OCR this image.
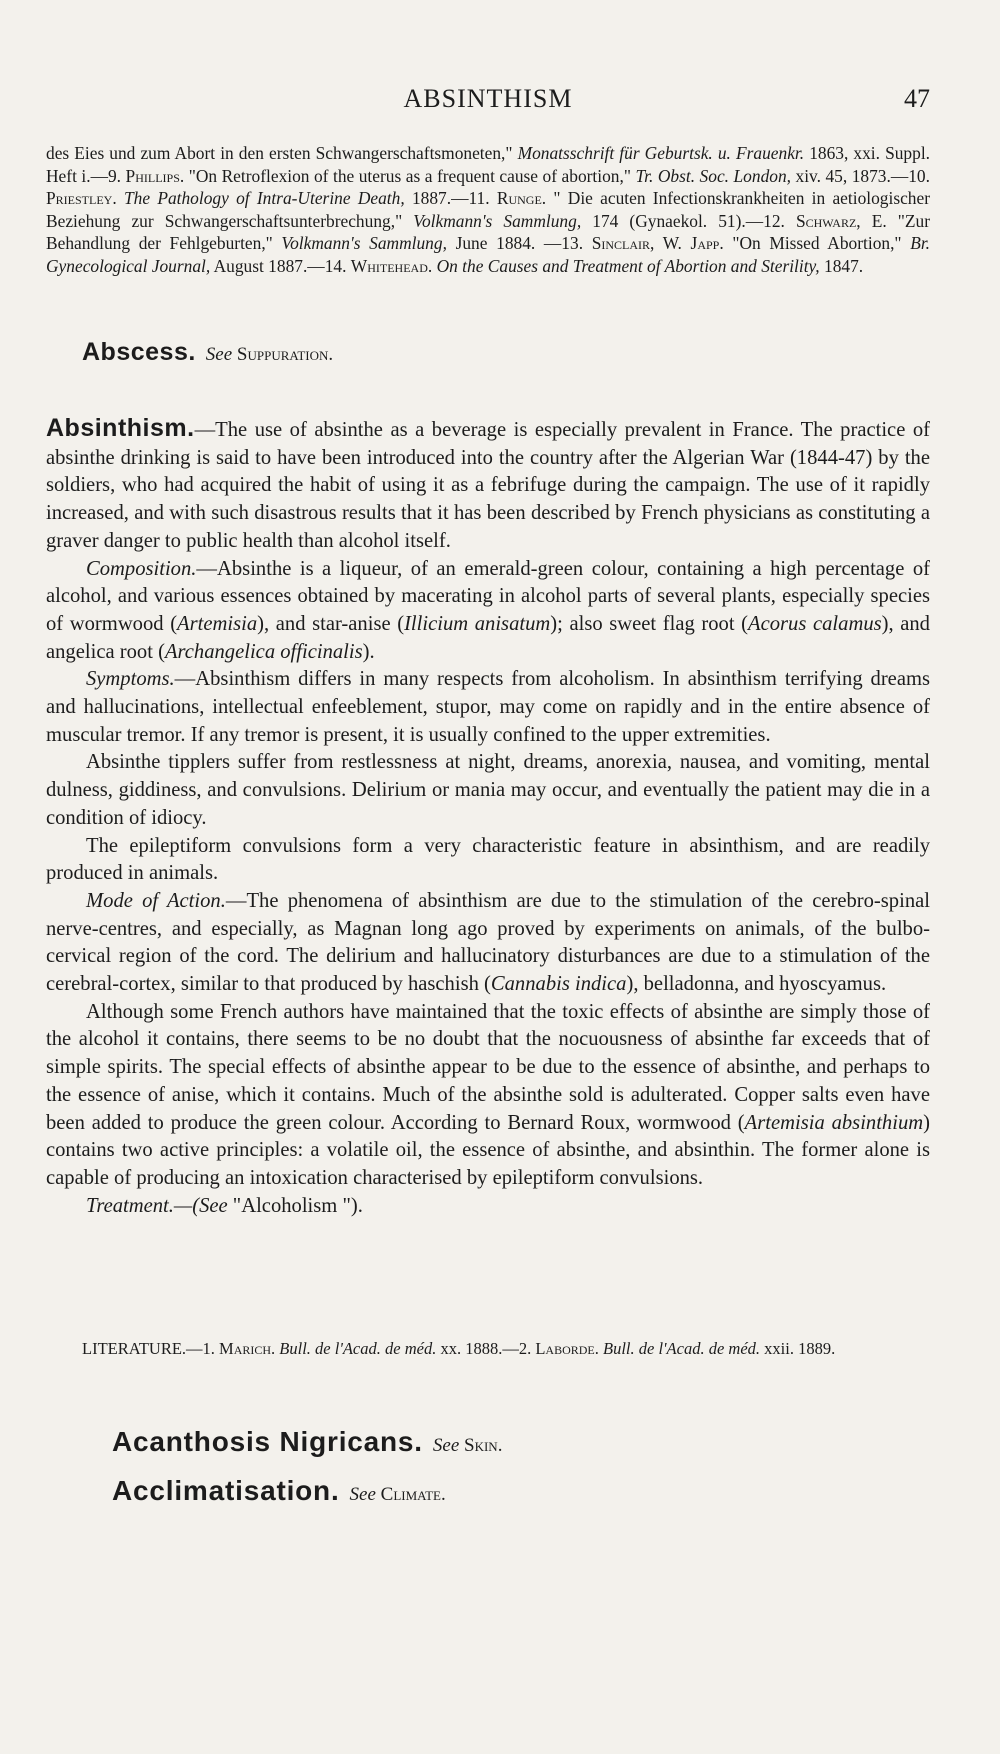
ABSINTHISM	47

des Eies und zum Abort in den ersten Schwangerschaftsmoneten," Monatsschrift für Geburtsk. u. Frauenkr. 1863, xxi. Suppl. Heft i.—9. Phillips. "On Retroflexion of the uterus as a frequent cause of abortion," Tr. Obst. Soc. London, xiv. 45, 1873.—10. Priestley. The Pathology of Intra-Uterine Death, 1887.—11. Runge. " Die acuten Infectionskrankheiten in aetiologischer Beziehung zur Schwangerschaftsunterbrechung," Volkmann's Sammlung, 174 (Gynaekol. 51).—12. Schwarz, E. "Zur Behandlung der Fehlgeburten," Volkmann's Sammlung, June 1884. —13. Sinclair, W. Japp. "On Missed Abortion," Br. Gynecological Journal, August 1887.—14. Whitehead. On the Causes and Treatment of Abortion and Sterility, 1847.

Abscess. See Suppuration.

Absinthism.—The use of absinthe as a beverage is especially prevalent in France. The practice of absinthe drinking is said to have been introduced into the country after the Algerian War (1844-47) by the soldiers, who had acquired the habit of using it as a febrifuge during the campaign. The use of it rapidly increased, and with such disastrous results that it has been described by French physicians as constituting a graver danger to public health than alcohol itself.

Composition.—Absinthe is a liqueur, of an emerald-green colour, containing a high percentage of alcohol, and various essences obtained by macerating in alcohol parts of several plants, especially species of wormwood (Artemisia), and star-anise (Illicium anisatum); also sweet flag root (Acorus calamus), and angelica root (Archangelica officinalis).

Symptoms.—Absinthism differs in many respects from alcoholism. In absinthism terrifying dreams and hallucinations, intellectual enfeeblement, stupor, may come on rapidly and in the entire absence of muscular tremor. If any tremor is present, it is usually confined to the upper extremities.

Absinthe tipplers suffer from restlessness at night, dreams, anorexia, nausea, and vomiting, mental dulness, giddiness, and convulsions. Delirium or mania may occur, and eventually the patient may die in a condition of idiocy.

The epileptiform convulsions form a very characteristic feature in absinthism, and are readily produced in animals.

Mode of Action.—The phenomena of absinthism are due to the stimulation of the cerebro-spinal nerve-centres, and especially, as Magnan long ago proved by experiments on animals, of the bulbo-cervical region of the cord. The delirium and hallucinatory disturbances are due to a stimulation of the cerebral-cortex, similar to that produced by haschish (Cannabis indica), belladonna, and hyoscyamus.

Although some French authors have maintained that the toxic effects of absinthe are simply those of the alcohol it contains, there seems to be no doubt that the nocuousness of absinthe far exceeds that of simple spirits. The special effects of absinthe appear to be due to the essence of absinthe, and perhaps to the essence of anise, which it contains. Much of the absinthe sold is adulterated. Copper salts even have been added to produce the green colour. According to Bernard Roux, wormwood (Artemisia absinthium) contains two active principles: a volatile oil, the essence of absinthe, and absinthin. The former alone is capable of producing an intoxication characterised by epileptiform convulsions.

Treatment.—(See "Alcoholism ").

LITERATURE.—1. Marich. Bull. de l'Acad. de méd. xx. 1888.—2. Laborde. Bull. de l'Acad. de méd. xxii. 1889.

Acanthosis Nigricans. See Skin.
Acclimatisation. See Climate.
